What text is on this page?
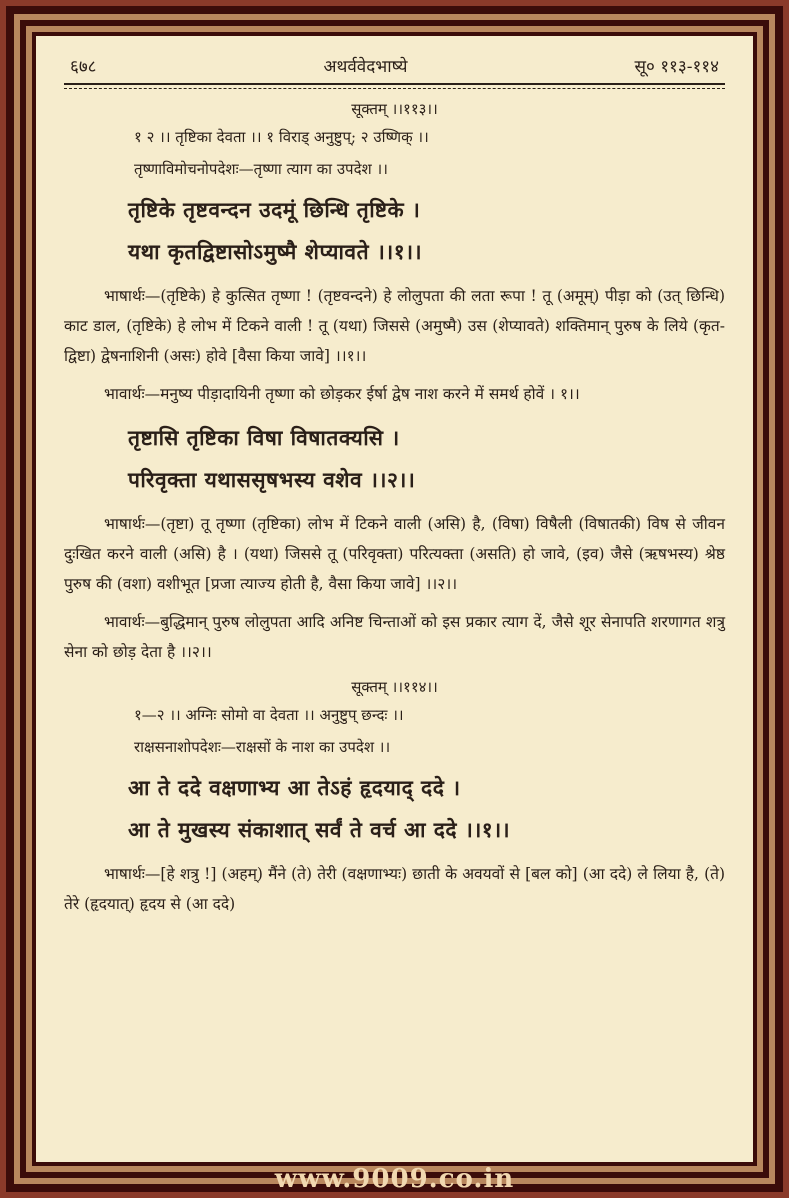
६७८	अथर्ववेदभाष्ये	सू० ११३-११४
सूक्तम् ।।११३।।
१ २ ।। तृष्टिका देवता ।। १ विराड् अनुष्टुप्; २ उष्णिक् ।।
तृष्णाविमोचनोपदेशः—तृष्णा त्याग का उपदेश ।।
तृष्टिके तृष्टवन्दन उदमूं छिन्धि तृष्टिके ।
यथा कृतद्विष्टासोऽमुष्मै शेप्यावते ।।१।।
भाषार्थः—(तृष्टिके) हे कुत्सित तृष्णा ! (तृष्टवन्दने) हे लोलुपता की लता रूपा ! तू (अमूम्) पीड़ा को (उत् छिन्धि) काट डाल, (तृष्टिके) हे लोभ में टिकने वाली ! तू (यथा) जिससे (अमुष्मै) उस (शेप्यावते) शक्तिमान् पुरुष के लिये (कृत-द्विष्टा) द्वेषनाशिनी (असः) होवे [वैसा किया जावे] ।।१।।
भावार्थः—मनुष्य पीड़ादायिनी तृष्णा को छोड़कर ईर्षा द्वेष नाश करने में समर्थ होवें । १।।
तृष्टासि तृष्टिका विषा विषातक्यसि ।
परिवृक्ता यथाससृषभस्य वशेव ।।२।।
भाषार्थः—(तृष्टा) तू तृष्णा (तृष्टिका) लोभ में टिकने वाली (असि) है, (विषा) विषैली (विषातकी) विष से जीवन दुःखित करने वाली (असि) है । (यथा) जिससे तू (परिवृक्ता) परित्यक्ता (असति) हो जावे, (इव) जैसे (ऋषभस्य) श्रेष्ठ पुरुष की (वशा) वशीभूत [प्रजा त्याज्य होती है, वैसा किया जावे] ।।२।।
भावार्थः—बुद्धिमान् पुरुष लोलुपता आदि अनिष्ट चिन्ताओं को इस प्रकार त्याग दें, जैसे शूर सेनापति शरणागत शत्रु सेना को छोड़ देता है ।।२।।
सूक्तम् ।।११४।।
१—२ ।। अग्निः सोमो वा देवता ।। अनुष्टुप् छन्दः ।।
राक्षसनाशोपदेशः—राक्षसों के नाश का उपदेश ।।
आ ते ददे वक्षणाभ्य आ तेऽहं हृदयाद् ददे ।
आ ते मुखस्य संकाशात् सर्वं ते वर्च आ ददे ।।१।।
भाषार्थः—[हे शत्रु !] (अहम्) मैंने (ते) तेरी (वक्षणाभ्यः) छाती के अवयवों से [बल को] (आ ददे) ले लिया है, (ते) तेरे (हृदयात्) हृदय से (आ ददे)
www.9009.co.in
